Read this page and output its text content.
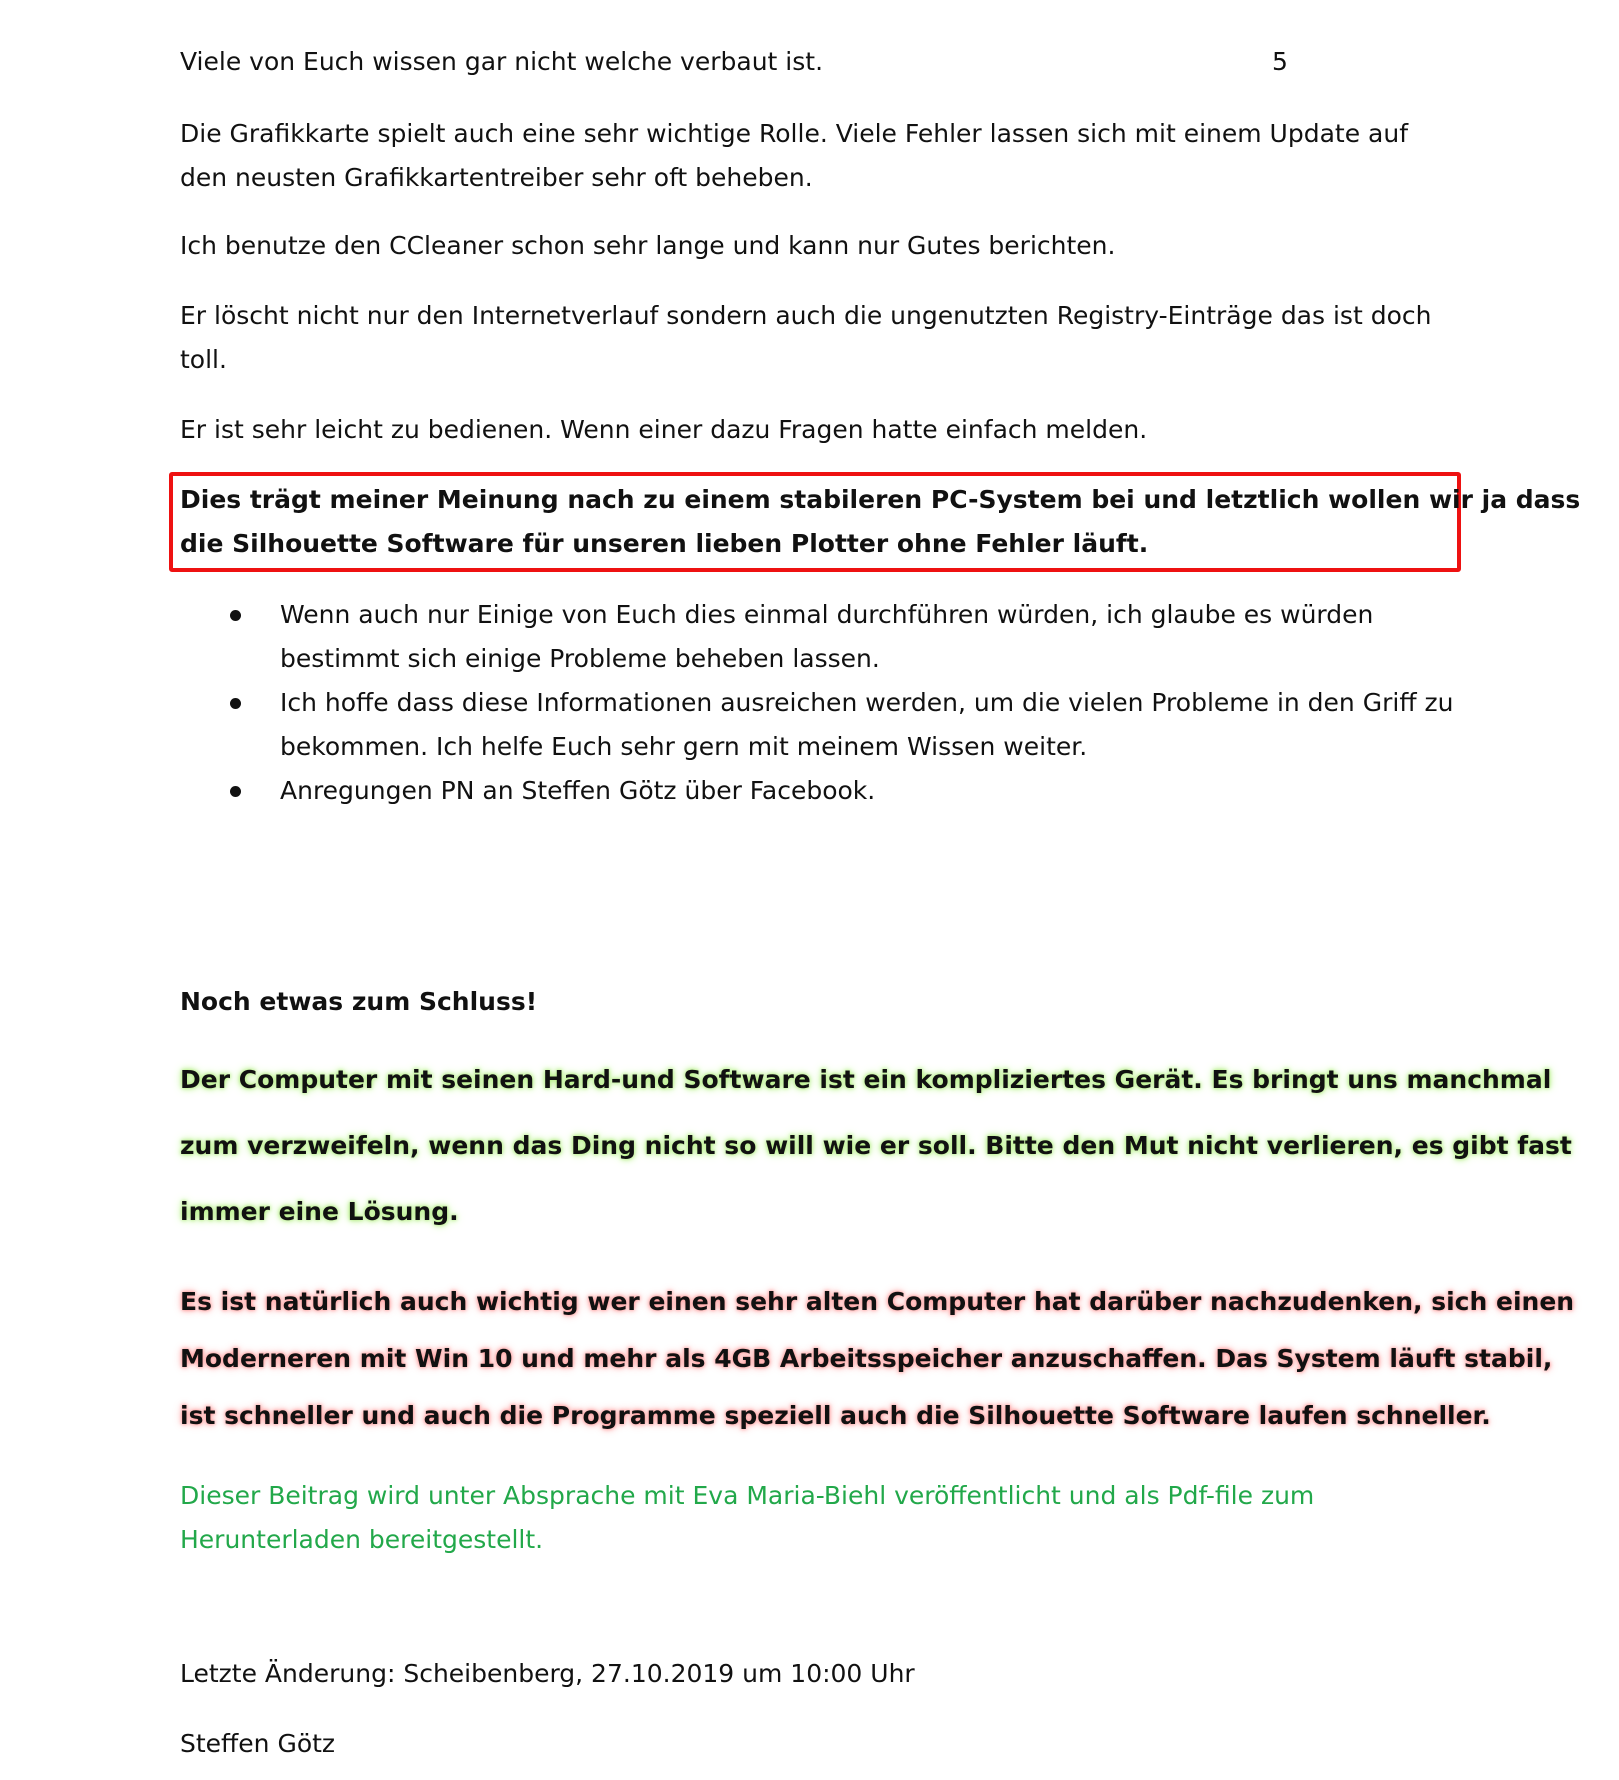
Viele von Euch wissen gar nicht welche verbaut ist.	5

Die Grafikkarte spielt auch eine sehr wichtige Rolle. Viele Fehler lassen sich mit einem Update auf

den neusten Grafikkartentreiber sehr oft beheben.

Ich benutze den CCleaner schon sehr lange und kann nur Gutes berichten.

Er löscht nicht nur den Internetverlauf sondern auch die ungenutzten Registry-Einträge das ist doch

toll.

Er ist sehr leicht zu bedienen. Wenn einer dazu Fragen hatte einfach melden.

Dies trägt meiner Meinung nach zu einem stabileren PC-System bei und letztlich wollen wir ja dass

die Silhouette Software für unseren lieben Plotter ohne Fehler läuft.

Wenn auch nur Einige von Euch dies einmal durchführen würden, ich glaube es würden bestimmt sich einige Probleme beheben lassen.
Ich hoffe dass diese Informationen ausreichen werden, um die vielen Probleme in den Griff zu bekommen. Ich helfe Euch sehr gern mit meinem Wissen weiter.
Anregungen PN an Steffen Götz über Facebook.

Noch etwas zum Schluss!

Der Computer mit seinen Hard-und Software ist ein kompliziertes Gerät. Es bringt uns manchmal

zum verzweifeln, wenn das Ding nicht so will wie er soll. Bitte den Mut nicht verlieren, es gibt fast

immer eine Lösung.

Es ist natürlich auch wichtig wer einen sehr alten Computer hat darüber nachzudenken, sich einen

Moderneren mit Win 10 und mehr als 4GB Arbeitsspeicher anzuschaffen. Das System läuft stabil,

ist schneller und auch die Programme speziell auch die Silhouette Software laufen schneller.

Dieser Beitrag wird unter Absprache mit Eva Maria-Biehl veröffentlicht und als Pdf-file zum

Herunterladen bereitgestellt.

Letzte Änderung: Scheibenberg, 27.10.2019 um 10:00 Uhr

Steffen Götz
